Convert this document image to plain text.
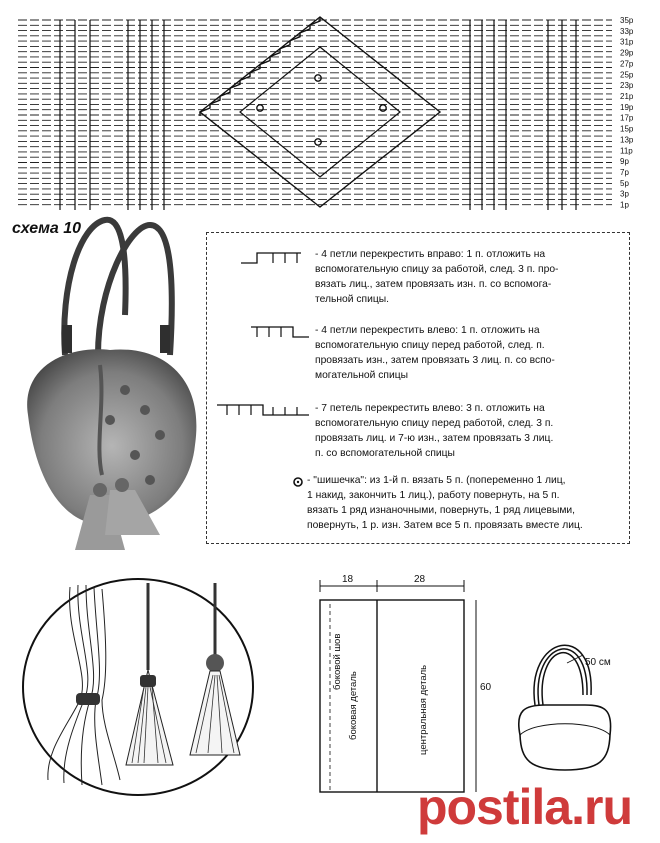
35р
33р
31р
29р
27р
25р
23р
21р
19р
17р
15р
13р
11р
9р
7р
5р
3р
1р
схема 10
- 4 петли перекрестить вправо: 1 п. отложить на
вспомогательную спицу за работой, след. 3 п. про-
вязать лиц., затем провязать изн. п. со вспомога-
тельной спицы.
- 4 петли перекрестить влево: 1 п. отложить на
вспомогательную спицу перед работой, след. п.
провязать изн., затем провязать 3 лиц. п. со вспо-
могательной спицы
- 7 петель перекрестить влево: 3 п. отложить на
вспомогательную спицу перед работой, след. 3 п.
провязать лиц. и 7-ю изн., затем провязать 3 лиц.
п. со вспомогательной спицы
- "шишечка": из 1-й п. вязать 5 п. (попеременно 1 лиц,
1 накид, закончить 1 лиц.), работу повернуть, на 5 п.
вязать 1 ряд изнаночными, повернуть, 1 ряд лицевыми,
повернуть, 1 р. изн. Затем все 5 п. провязать вместе лиц.
18	28
60
боковой шов
боковая деталь	центральная деталь
50 см
postila.ru
